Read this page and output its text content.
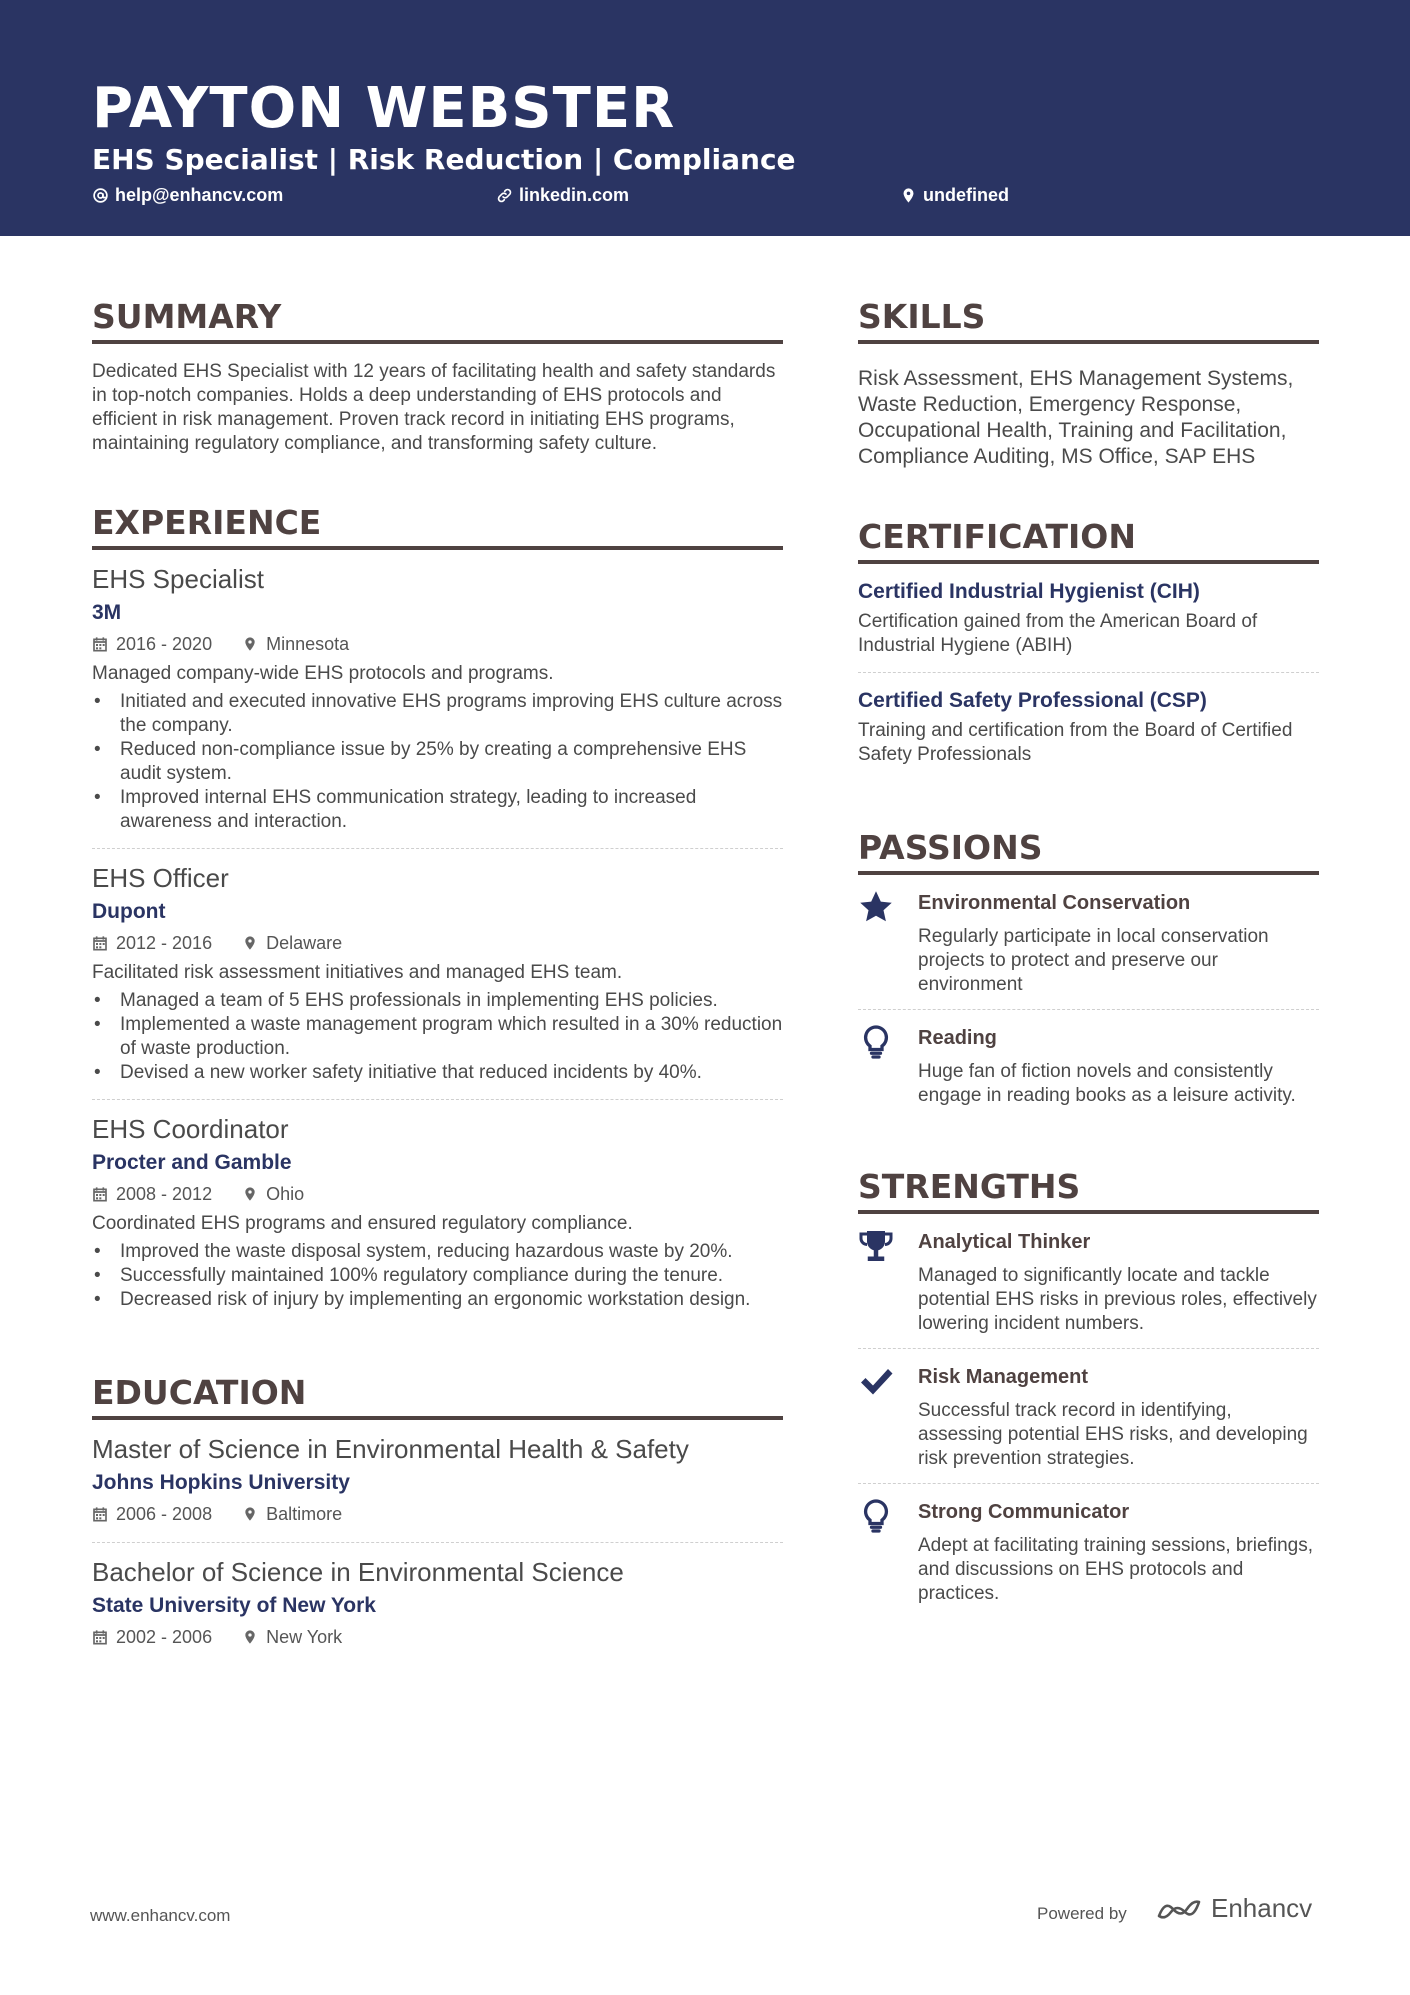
PAYTON WEBSTER
EHS Specialist | Risk Reduction | Compliance
help@enhancv.com	linkedin.com	undefined
SUMMARY
Dedicated EHS Specialist with 12 years of facilitating health and safety standards in top-notch companies. Holds a deep understanding of EHS protocols and efficient in risk management. Proven track record in initiating EHS programs, maintaining regulatory compliance, and transforming safety culture.
EXPERIENCE
EHS Specialist
3M
2016 - 2020	Minnesota
Managed company-wide EHS protocols and programs.
• Initiated and executed innovative EHS programs improving EHS culture across the company.
• Reduced non-compliance issue by 25% by creating a comprehensive EHS audit system.
• Improved internal EHS communication strategy, leading to increased awareness and interaction.
EHS Officer
Dupont
2012 - 2016	Delaware
Facilitated risk assessment initiatives and managed EHS team.
• Managed a team of 5 EHS professionals in implementing EHS policies.
• Implemented a waste management program which resulted in a 30% reduction of waste production.
• Devised a new worker safety initiative that reduced incidents by 40%.
EHS Coordinator
Procter and Gamble
2008 - 2012	Ohio
Coordinated EHS programs and ensured regulatory compliance.
• Improved the waste disposal system, reducing hazardous waste by 20%.
• Successfully maintained 100% regulatory compliance during the tenure.
• Decreased risk of injury by implementing an ergonomic workstation design.
EDUCATION
Master of Science in Environmental Health & Safety
Johns Hopkins University
2006 - 2008	Baltimore
Bachelor of Science in Environmental Science
State University of New York
2002 - 2006	New York
SKILLS
Risk Assessment, EHS Management Systems, Waste Reduction, Emergency Response, Occupational Health, Training and Facilitation, Compliance Auditing, MS Office, SAP EHS
CERTIFICATION
Certified Industrial Hygienist (CIH)
Certification gained from the American Board of Industrial Hygiene (ABIH)
Certified Safety Professional (CSP)
Training and certification from the Board of Certified Safety Professionals
PASSIONS
Environmental Conservation
Regularly participate in local conservation projects to protect and preserve our environment
Reading
Huge fan of fiction novels and consistently engage in reading books as a leisure activity.
STRENGTHS
Analytical Thinker
Managed to significantly locate and tackle potential EHS risks in previous roles, effectively lowering incident numbers.
Risk Management
Successful track record in identifying, assessing potential EHS risks, and developing risk prevention strategies.
Strong Communicator
Adept at facilitating training sessions, briefings, and discussions on EHS protocols and practices.
www.enhancv.com	Powered by	Enhancv
